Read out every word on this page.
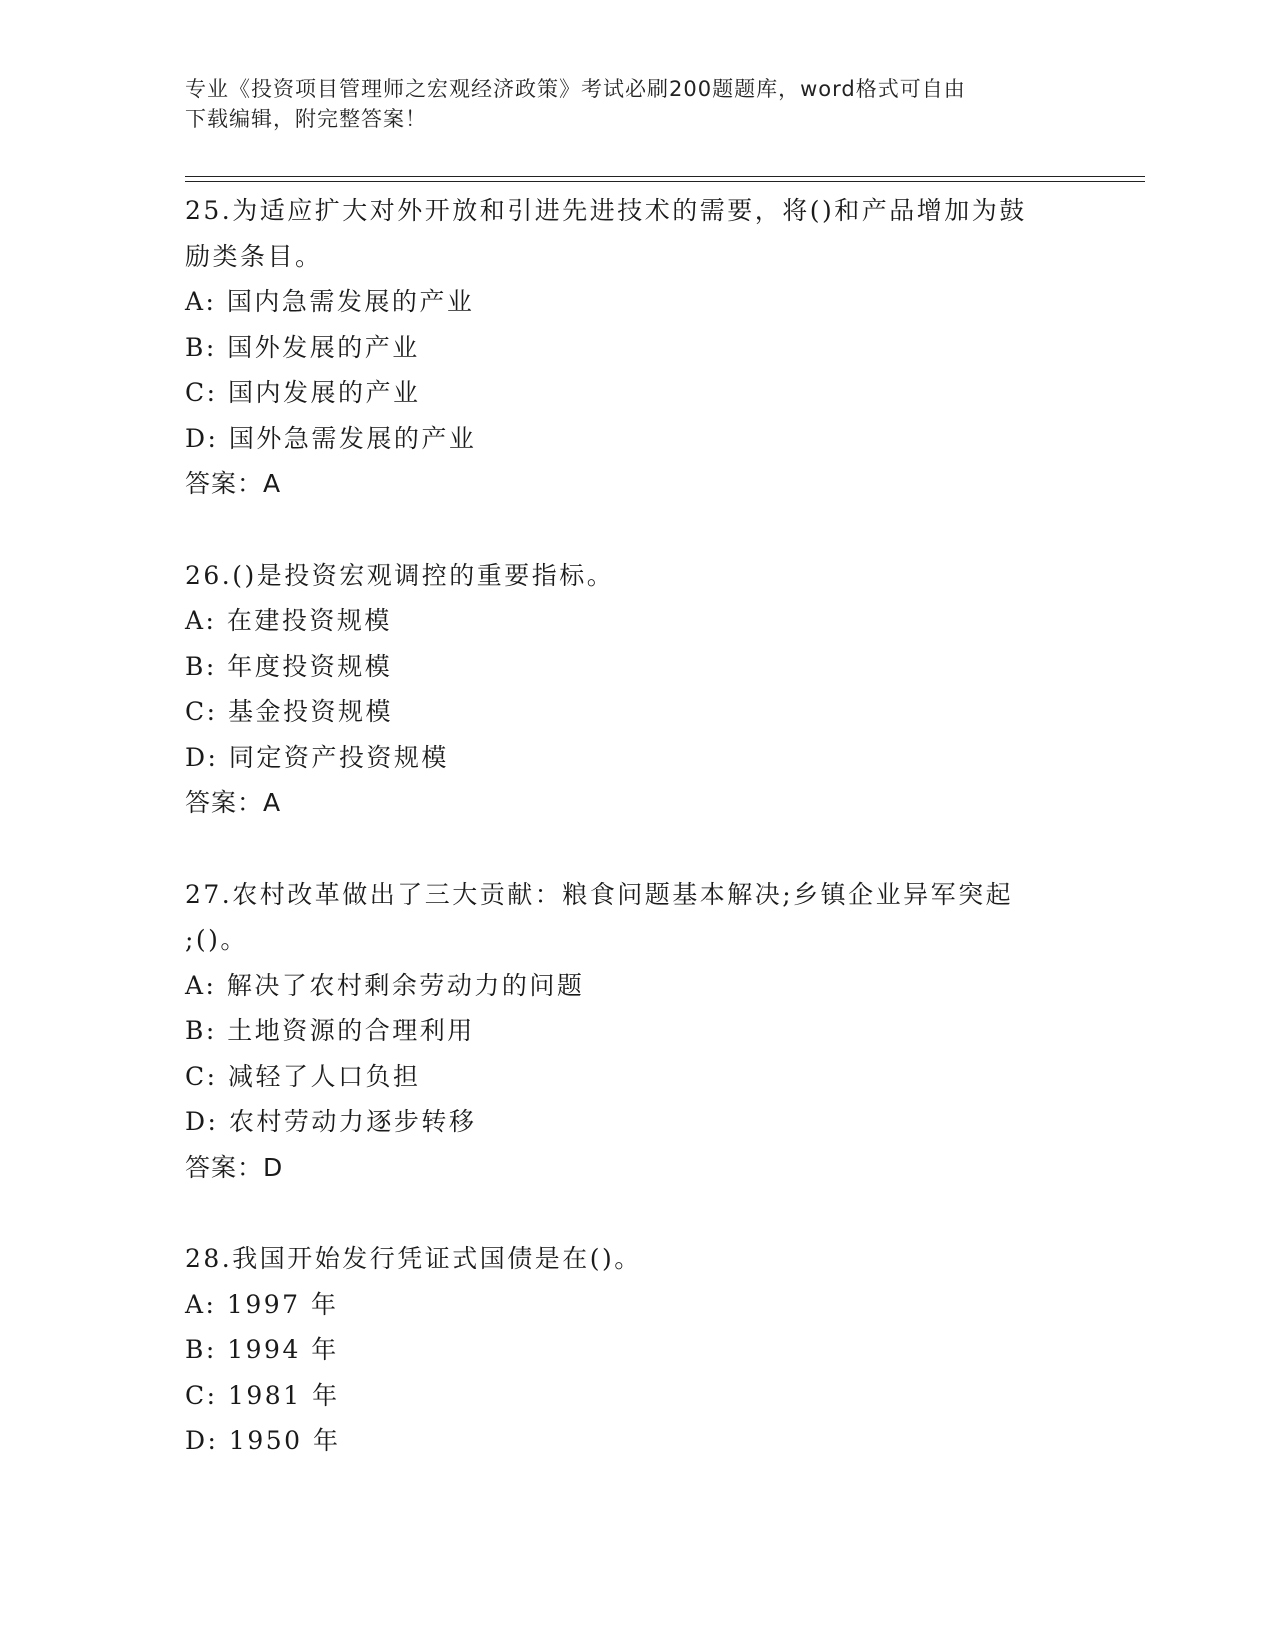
专业《投资项目管理师之宏观经济政策》考试必刷200题题库，word格式可自由
下载编辑，附完整答案！
25.为适应扩大对外开放和引进先进技术的需要，将()和产品增加为鼓
励类条目。
A: 国内急需发展的产业
B: 国外发展的产业
C: 国内发展的产业
D: 国外急需发展的产业
答案：A
26.()是投资宏观调控的重要指标。
A: 在建投资规模
B: 年度投资规模
C: 基金投资规模
D: 同定资产投资规模
答案：A
27.农村改革做出了三大贡献：粮食问题基本解决;乡镇企业异军突起
;()。
A: 解决了农村剩余劳动力的问题
B: 土地资源的合理利用
C: 减轻了人口负担
D: 农村劳动力逐步转移
答案：D
28.我国开始发行凭证式国债是在()。
A: 1997 年
B: 1994 年
C: 1981 年
D: 1950 年
